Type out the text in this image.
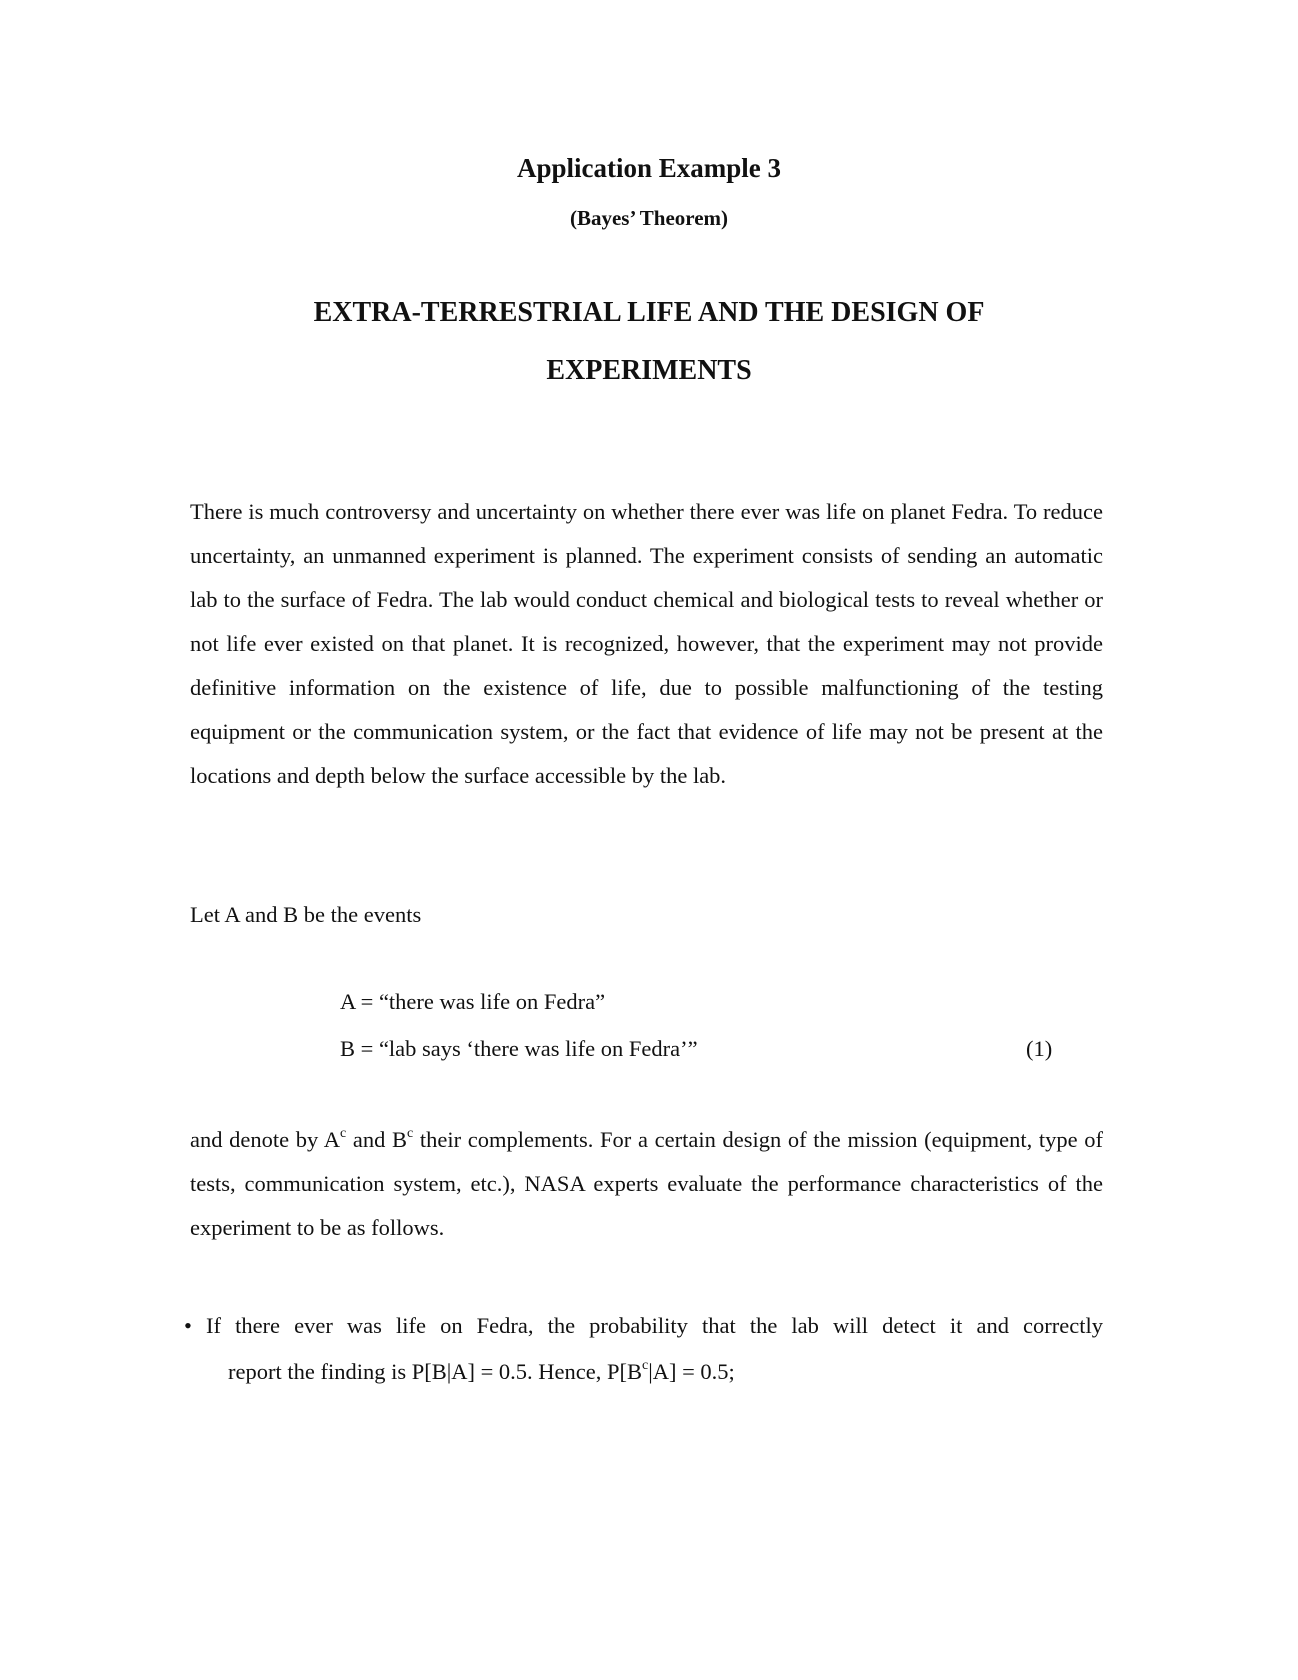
Application Example 3
(Bayes’ Theorem)
EXTRA-TERRESTRIAL LIFE AND THE DESIGN OF
EXPERIMENTS

There is much controversy and uncertainty on whether there ever was life on planet Fedra. To reduce uncertainty, an unmanned experiment is planned. The experiment consists of sending an automatic lab to the surface of Fedra. The lab would conduct chemical and biological tests to reveal whether or not life ever existed on that planet. It is recognized, however, that the experiment may not provide definitive information on the existence of life, due to possible malfunctioning of the testing equipment or the communication system, or the fact that evidence of life may not be present at the locations and depth below the surface accessible by the lab.

Let A and B be the events

A = “there was life on Fedra”
B = “lab says ‘there was life on Fedra’”	(1)

and denote by $A^c$ and $B^c$ their complements. For a certain design of the mission (equipment, type of tests, communication system, etc.), NASA experts evaluate the performance characteristics of the experiment to be as follows.

• If there ever was life on Fedra, the probability that the lab will detect it and correctly
report the finding is P[B|A] = 0.5. Hence, $P[B^c|A] = 0.5$;
